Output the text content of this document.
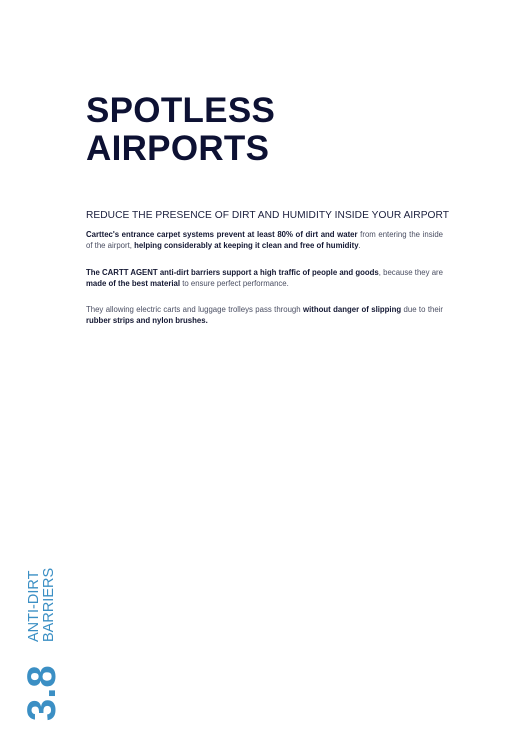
SPOTLESS
AIRPORTS

REDUCE THE PRESENCE OF DIRT AND HUMIDITY INSIDE YOUR AIRPORT

Carttec's entrance carpet systems prevent at least 80% of dirt and water from entering the inside of the airport, helping considerably at keeping it clean and free of humidity.

The CARTT AGENT anti-dirt barriers support a high traffic of people and goods, because they are made of the best material to ensure perfect performance.

They allowing electric carts and luggage trolleys pass through without danger of slipping due to their rubber strips and nylon brushes.

3.8
ANTI-DIRT BARRIERS
